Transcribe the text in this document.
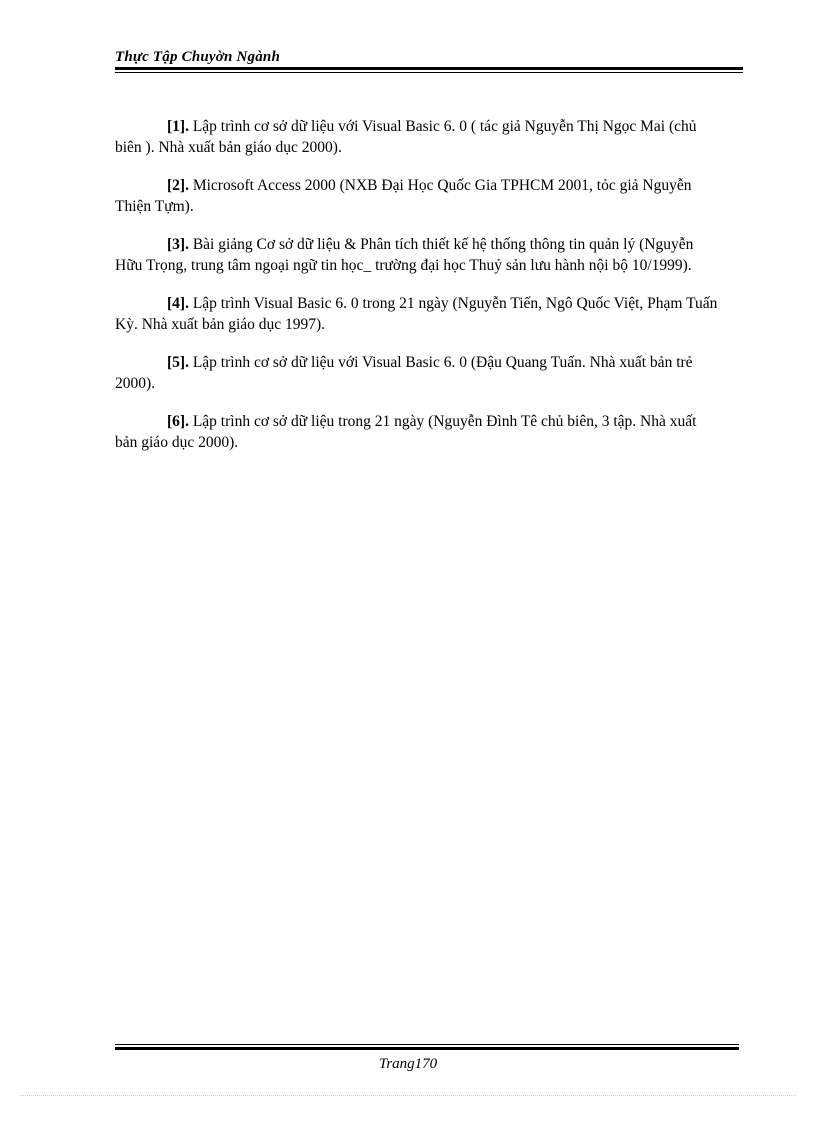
Thực Tập Chuyờn Ngành

[1]. Lập trình cơ sở dữ liệu với Visual Basic 6. 0 ( tác giả Nguyễn Thị Ngọc Mai (chủ biên ). Nhà xuất bản giáo dục 2000).

[2]. Microsoft Access 2000 (NXB Đại Học Quốc Gia TPHCM 2001, tỏc giả Nguyễn Thiện Tựm).

[3]. Bài giảng Cơ sở dữ liệu & Phân tích thiết kế hệ thống thông tin quản lý (Nguyễn Hữu Trọng, trung tâm ngoại ngữ tin học_ trường đại học Thuỷ sản lưu hành nội bộ 10/1999).

[4]. Lập trình Visual Basic 6. 0 trong 21 ngày (Nguyễn Tiến, Ngô Quốc Việt, Phạm Tuấn Kỳ. Nhà xuất bản giáo dục 1997).

[5]. Lập trình cơ sở dữ liệu với Visual Basic 6. 0 (Đậu Quang Tuấn. Nhà xuất bản trẻ 2000).

[6]. Lập trình cơ sở dữ liệu trong 21 ngày (Nguyễn Đình Tê chủ biên, 3 tập. Nhà xuất bản giáo dục 2000).

Trang170
